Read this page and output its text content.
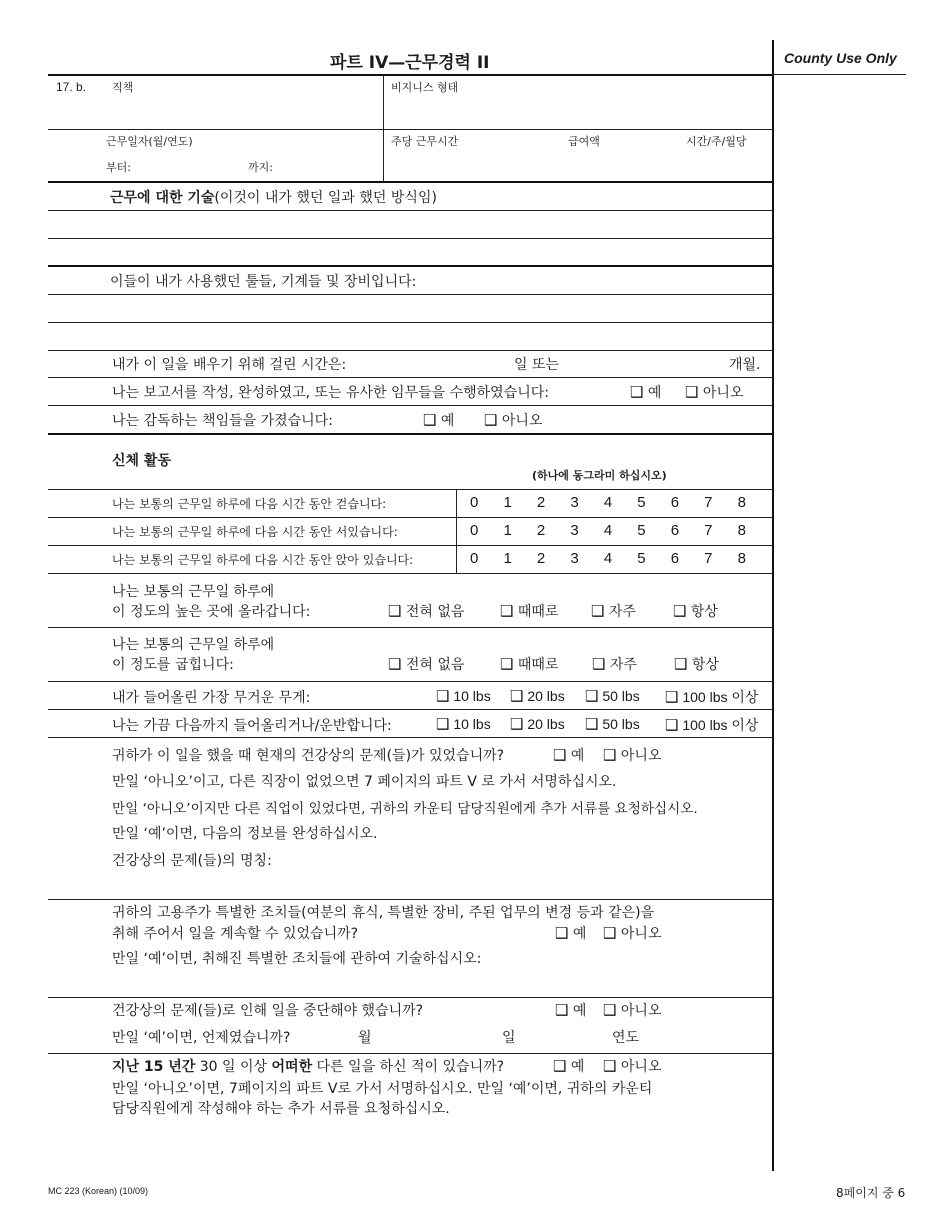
파트 IV—근무경력 II	County Use Only
17. b. 직책	비지니스 형태
근무일자(월/연도)
부터:	까지:
주당 근무시간	급여액	시간/주/월당
근무에 대한 기술(이것이 내가 했던 일과 했던 방식임)
이들이 내가 사용했던 툴들, 기계들 및 장비입니다:
내가 이 일을 배우기 위해 걸린 시간은:	일 또는	개월.
나는 보고서를 작성, 완성하였고, 또는 유사한 임무들을 수행하였습니다:	❑ 예 ❑ 아니오
나는 감독하는 책임들을 가졌습니다:	❑ 예 ❑ 아니오
신체 활동
(하나에 동그라미 하십시오)
나는 보통의 근무일 하루에 다음 시간 동안 걷습니다:	0 1 2 3 4 5 6 7 8
나는 보통의 근무일 하루에 다음 시간 동안 서있습니다:	0 1 2 3 4 5 6 7 8
나는 보통의 근무일 하루에 다음 시간 동안 앉아 있습니다:	0 1 2 3 4 5 6 7 8
나는 보통의 근무일 하루에
이 정도의 높은 곳에 올라갑니다:	❑ 전혀 없음 ❑ 때때로 ❑ 자주 ❑ 항상
나는 보통의 근무일 하루에
이 정도를 굽힙니다:	❑ 전혀 없음 ❑ 때때로 ❑ 자주 ❑ 항상
내가 들어올린 가장 무거운 무게:	❑ 10 lbs ❑ 20 lbs ❑ 50 lbs ❑ 100 lbs 이상
나는 가끔 다음까지 들어올리거나/운반합니다:	❑ 10 lbs ❑ 20 lbs ❑ 50 lbs ❑ 100 lbs 이상
귀하가 이 일을 했을 때 현재의 건강상의 문제(들)가 있었습니까?	❑ 예 ❑ 아니오
만일 ‘아니오’이고, 다른 직장이 없었으면 7 페이지의 파트 V 로 가서 서명하십시오.
만일 ‘아니오’이지만 다른 직업이 있었다면, 귀하의 카운티 담당직원에게 추가 서류를 요청하십시오.
만일 ‘예’이면, 다음의 정보를 완성하십시오.
건강상의 문제(들)의 명칭:
귀하의 고용주가 특별한 조치들(여분의 휴식, 특별한 장비, 주된 업무의 변경 등과 같은)을
취해 주어서 일을 계속할 수 있었습니까?	❑ 예 ❑ 아니오
만일 ‘예’이면, 취해진 특별한 조치들에 관하여 기술하십시오:
건강상의 문제(들)로 인해 일을 중단해야 했습니까?	❑ 예 ❑ 아니오
만일 ‘예’이면, 언제였습니까?	월	일	연도
지난 15 년간 30 일 이상 어떠한 다른 일을 하신 적이 있습니까?	❑ 예 ❑ 아니오
만일 ‘아니오’이면, 7페이지의 파트 V로 가서 서명하십시오. 만일 ‘예’이면, 귀하의 카운티
담당직원에게 작성해야 하는 추가 서류를 요청하십시오.
MC 223 (Korean) (10/09)	8페이지 중 6
